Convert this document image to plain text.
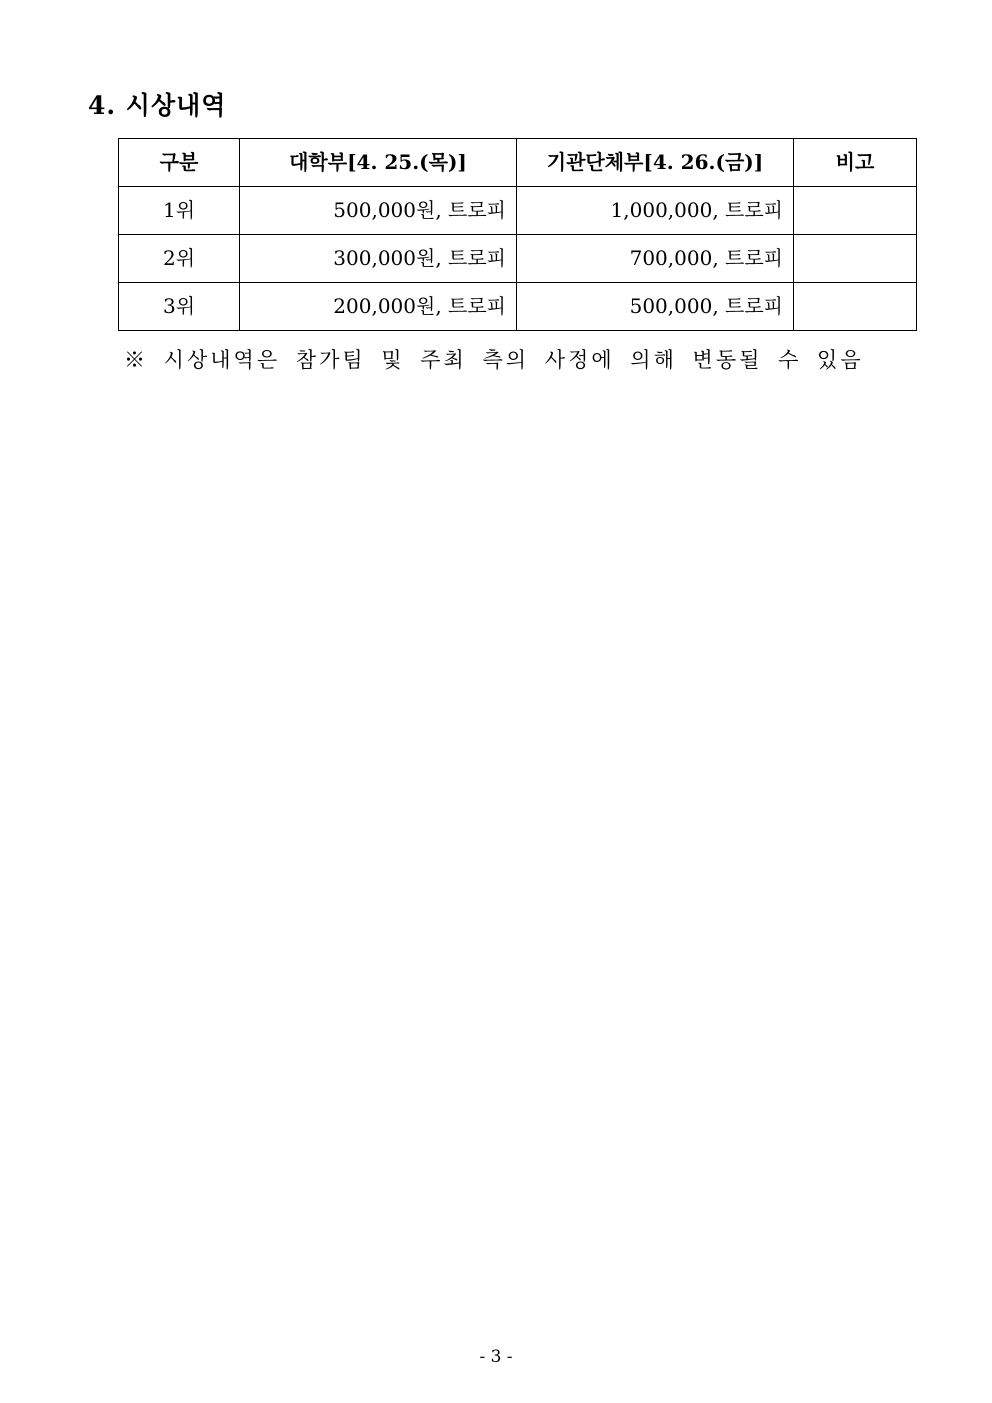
4. 시상내역
구분	대학부[4. 25.(목)]	기관단체부[4. 26.(금)]	비고
1위	500,000원, 트로피	1,000,000, 트로피	
2위	300,000원, 트로피	700,000, 트로피	
3위	200,000원, 트로피	500,000, 트로피	

※ 시상내역은 참가팀 및 주최 측의 사정에 의해 변동될 수 있음

- 3 -
